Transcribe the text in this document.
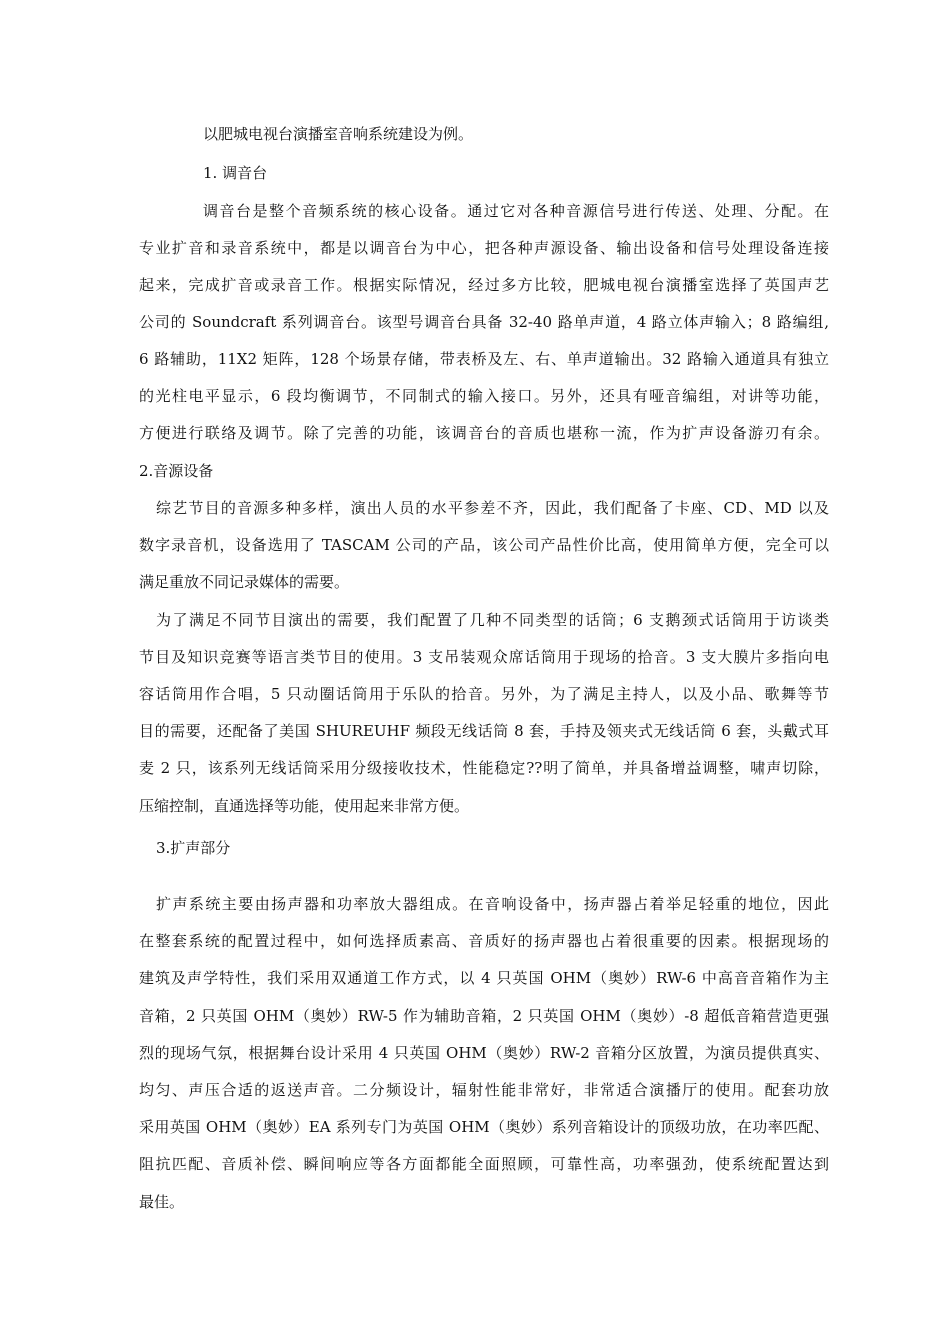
以肥城电视台演播室音响系统建设为例。
1. 调音台
调音台是整个音频系统的核心设备。通过它对各种音源信号进行传送、处理、分配。在
专业扩音和录音系统中，都是以调音台为中心，把各种声源设备、输出设备和信号处理设备连接
起来，完成扩音或录音工作。根据实际情况，经过多方比较，肥城电视台演播室选择了英国声艺
公司的 Soundcraft 系列调音台。该型号调音台具备 32-40 路单声道，4 路立体声输入；8 路编组,
6 路辅助，11X2 矩阵，128 个场景存储，带表桥及左、右、单声道输出。32 路输入通道具有独立
的光柱电平显示，6 段均衡调节，不同制式的输入接口。另外，还具有哑音编组，对讲等功能，
方便进行联络及调节。除了完善的功能，该调音台的音质也堪称一流，作为扩声设备游刃有余。
2.音源设备
综艺节目的音源多种多样，演出人员的水平参差不齐，因此，我们配备了卡座、CD、MD 以及
数字录音机，设备选用了 TASCAM 公司的产品，该公司产品性价比高，使用简单方便，完全可以
满足重放不同记录媒体的需要。
为了满足不同节目演出的需要，我们配置了几种不同类型的话筒；6 支鹅颈式话筒用于访谈类
节目及知识竞赛等语言类节目的使用。3 支吊装观众席话筒用于现场的拾音。3 支大膜片多指向电
容话筒用作合唱，5 只动圈话筒用于乐队的拾音。另外，为了满足主持人，以及小品、歌舞等节
目的需要，还配备了美国 SHUREUHF 频段无线话筒 8 套，手持及领夹式无线话筒 6 套，头戴式耳
麦 2 只，该系列无线话筒采用分级接收技术，性能稳定??明了简单，并具备增益调整，啸声切除，
压缩控制，直通选择等功能，使用起来非常方便。
3.扩声部分
扩声系统主要由扬声器和功率放大器组成。在音响设备中，扬声器占着举足轻重的地位，因此
在整套系统的配置过程中，如何选择质素高、音质好的扬声器也占着很重要的因素。根据现场的
建筑及声学特性，我们采用双通道工作方式，以 4 只英国 OHM（奥妙）RW-6 中高音音箱作为主
音箱，2 只英国 OHM（奥妙）RW-5 作为辅助音箱，2 只英国 OHM（奥妙）-8 超低音箱营造更强
烈的现场气氛，根据舞台设计采用 4 只英国 OHM（奥妙）RW-2 音箱分区放置，为演员提供真实、
均匀、声压合适的返送声音。二分频设计，辐射性能非常好，非常适合演播厅的使用。配套功放
采用英国 OHM（奥妙）EA 系列专门为英国 OHM（奥妙）系列音箱设计的顶级功放，在功率匹配、
阻抗匹配、音质补偿、瞬间响应等各方面都能全面照顾，可靠性高，功率强劲，使系统配置达到
最佳。
